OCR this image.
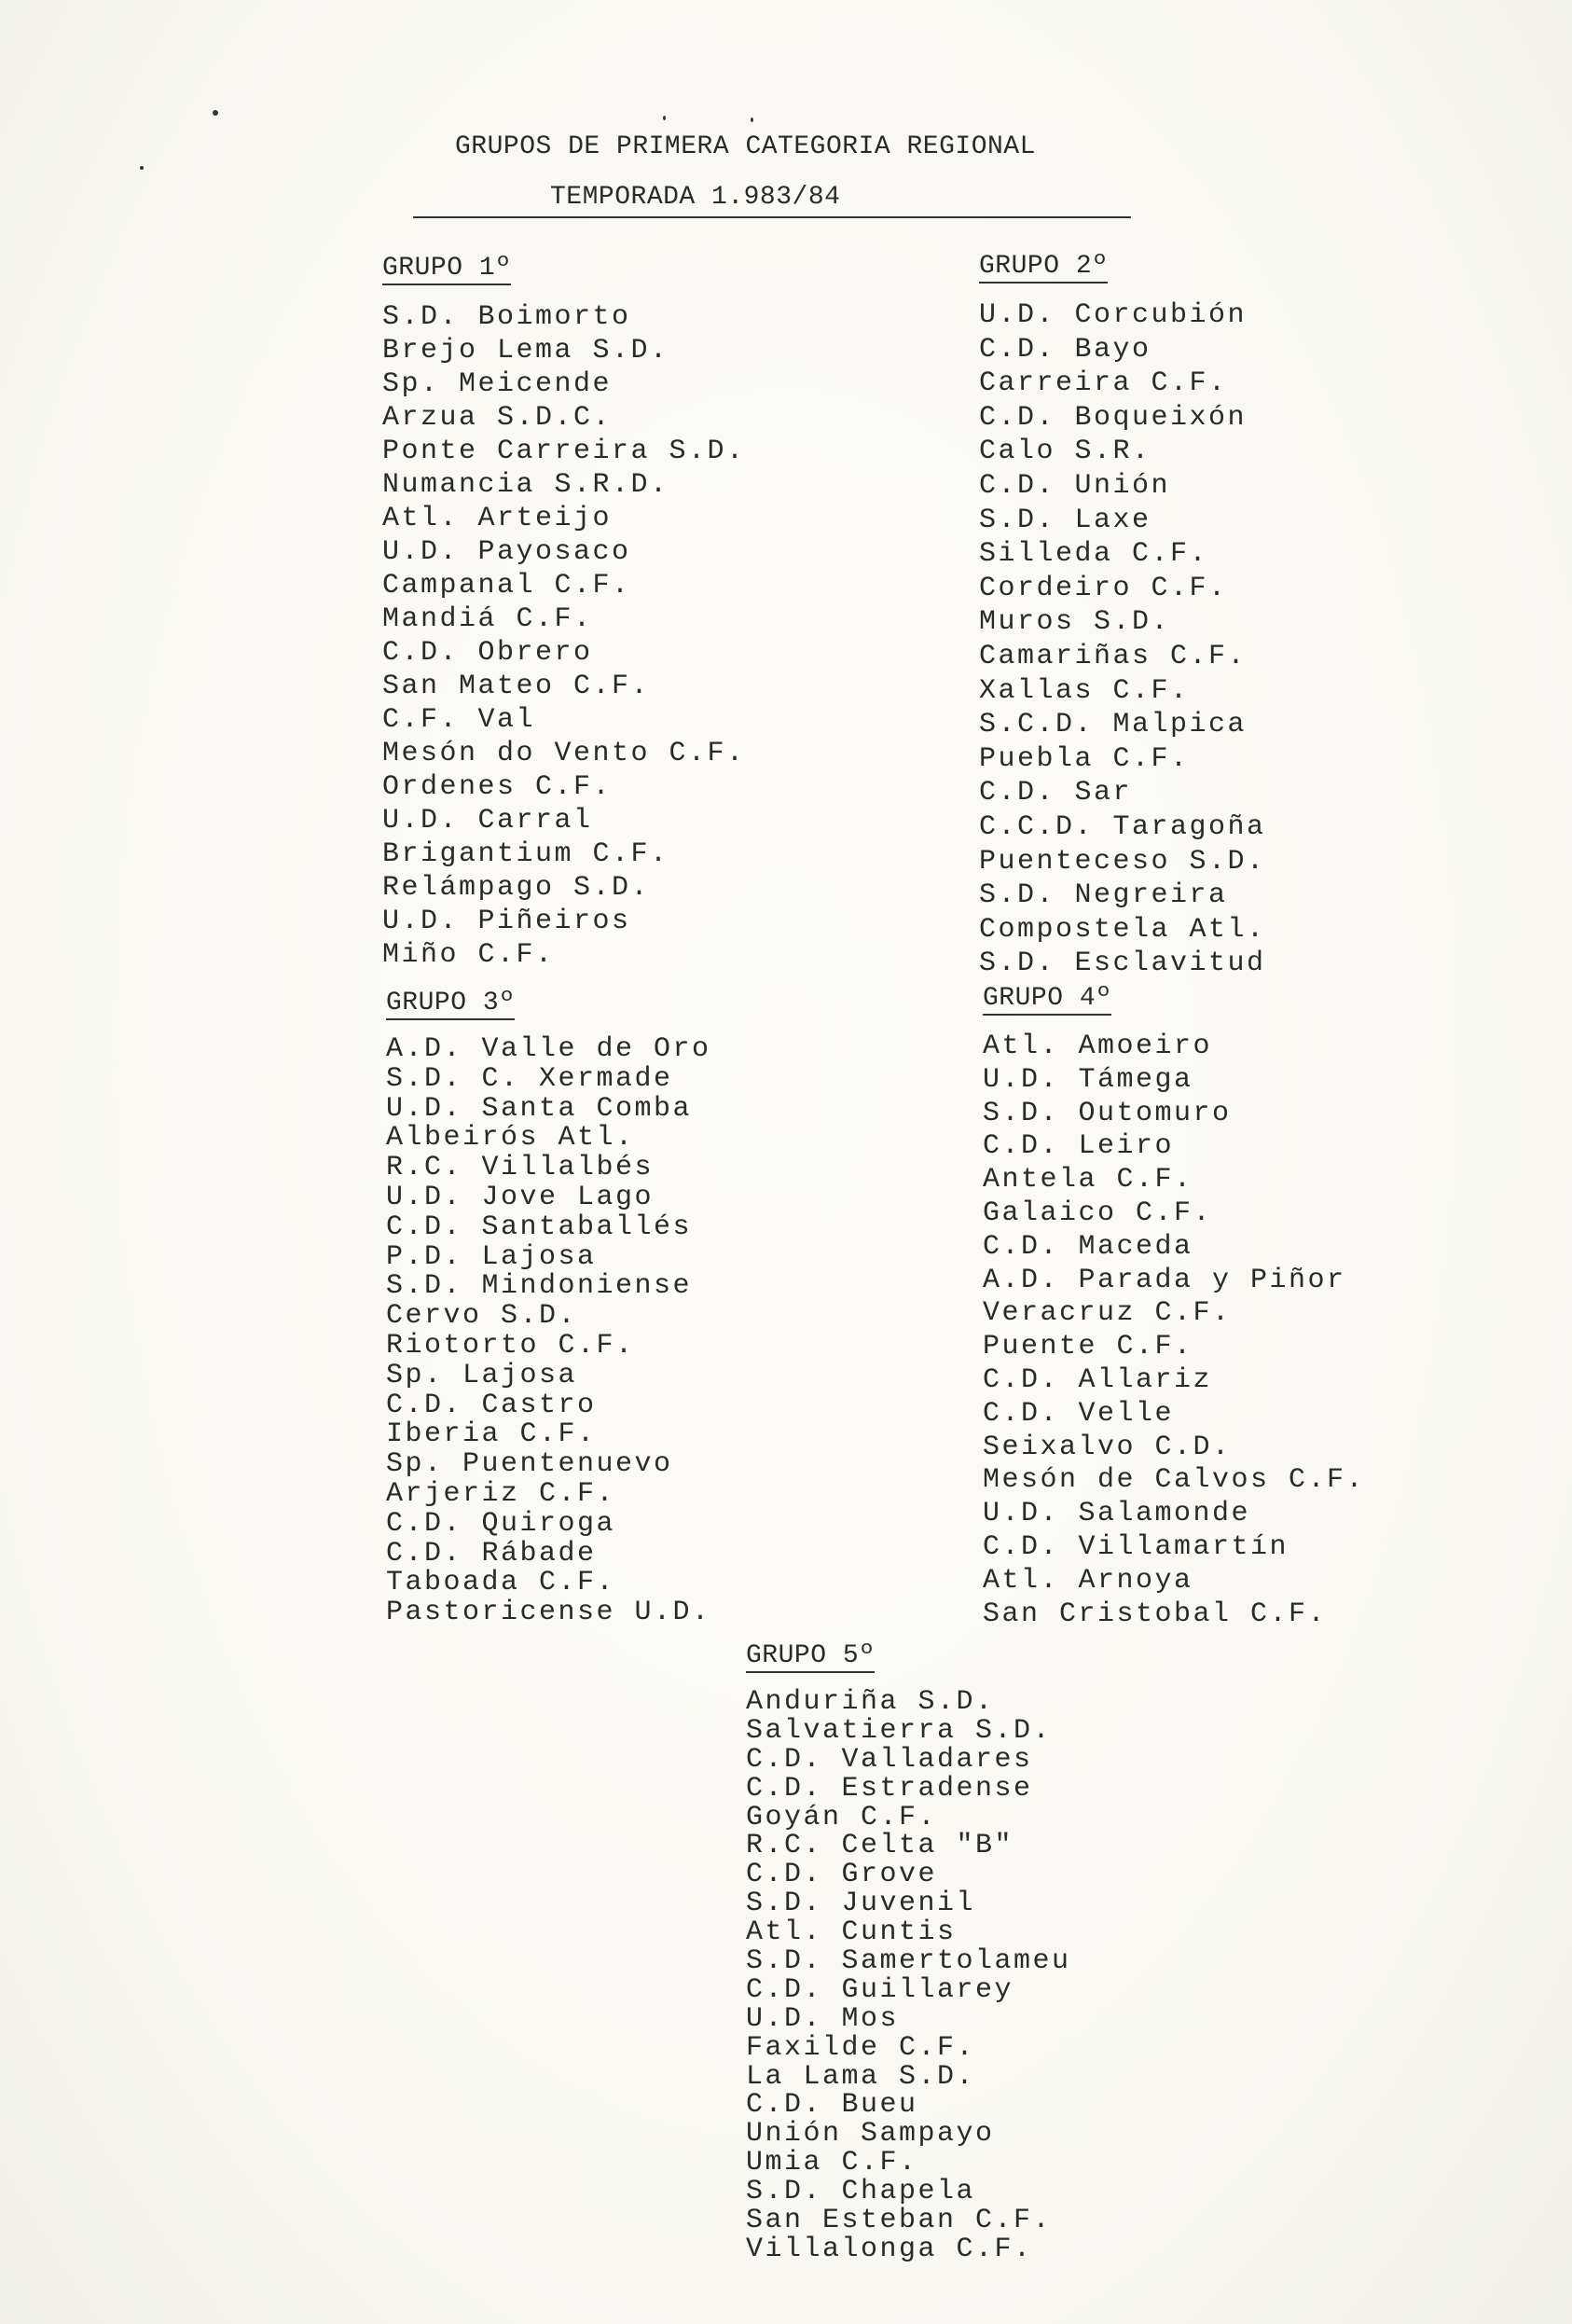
GRUPOS DE PRIMERA CATEGORIA REGIONAL
TEMPORADA 1.983/84
GRUPO 1º
S.D. Boimorto
Brejo Lema S.D.
Sp. Meicende
Arzua S.D.C.
Ponte Carreira S.D.
Numancia S.R.D.
Atl. Arteijo
U.D. Payosaco
Campanal C.F.
Mandiá C.F.
C.D. Obrero
San Mateo C.F.
C.F. Val
Mesón do Vento C.F.
Ordenes C.F.
U.D. Carral
Brigantium C.F.
Relámpago S.D.
U.D. Piñeiros
Miño C.F.
GRUPO 2º
U.D. Corcubión
C.D. Bayo
Carreira C.F.
C.D. Boqueixón
Calo S.R.
C.D. Unión
S.D. Laxe
Silleda C.F.
Cordeiro C.F.
Muros S.D.
Camariñas C.F.
Xallas C.F.
S.C.D. Malpica
Puebla C.F.
C.D. Sar
C.C.D. Taragoña
Puenteceso S.D.
S.D. Negreira
Compostela Atl.
S.D. Esclavitud
GRUPO 3º
A.D. Valle de Oro
S.D. C. Xermade
U.D. Santa Comba
Albeirós Atl.
R.C. Villalbés
U.D. Jove Lago
C.D. Santaballés
P.D. Lajosa
S.D. Mindoniense
Cervo S.D.
Riotorto C.F.
Sp. Lajosa
C.D. Castro
Iberia C.F.
Sp. Puentenuevo
Arjeriz C.F.
C.D. Quiroga
C.D. Rábade
Taboada C.F.
Pastoricense U.D.
GRUPO 4º
Atl. Amoeiro
U.D. Támega
S.D. Outomuro
C.D. Leiro
Antela C.F.
Galaico C.F.
C.D. Maceda
A.D. Parada y Piñor
Veracruz C.F.
Puente C.F.
C.D. Allariz
C.D. Velle
Seixalvo C.D.
Mesón de Calvos C.F.
U.D. Salamonde
C.D. Villamartín
Atl. Arnoya
San Cristobal C.F.
GRUPO 5º
Anduriña S.D.
Salvatierra S.D.
C.D. Valladares
C.D. Estradense
Goyán C.F.
R.C. Celta "B"
C.D. Grove
S.D. Juvenil
Atl. Cuntis
S.D. Samertolameu
C.D. Guillarey
U.D. Mos
Faxilde C.F.
La Lama S.D.
C.D. Bueu
Unión Sampayo
Umia C.F.
S.D. Chapela
San Esteban C.F.
Villalonga C.F.
